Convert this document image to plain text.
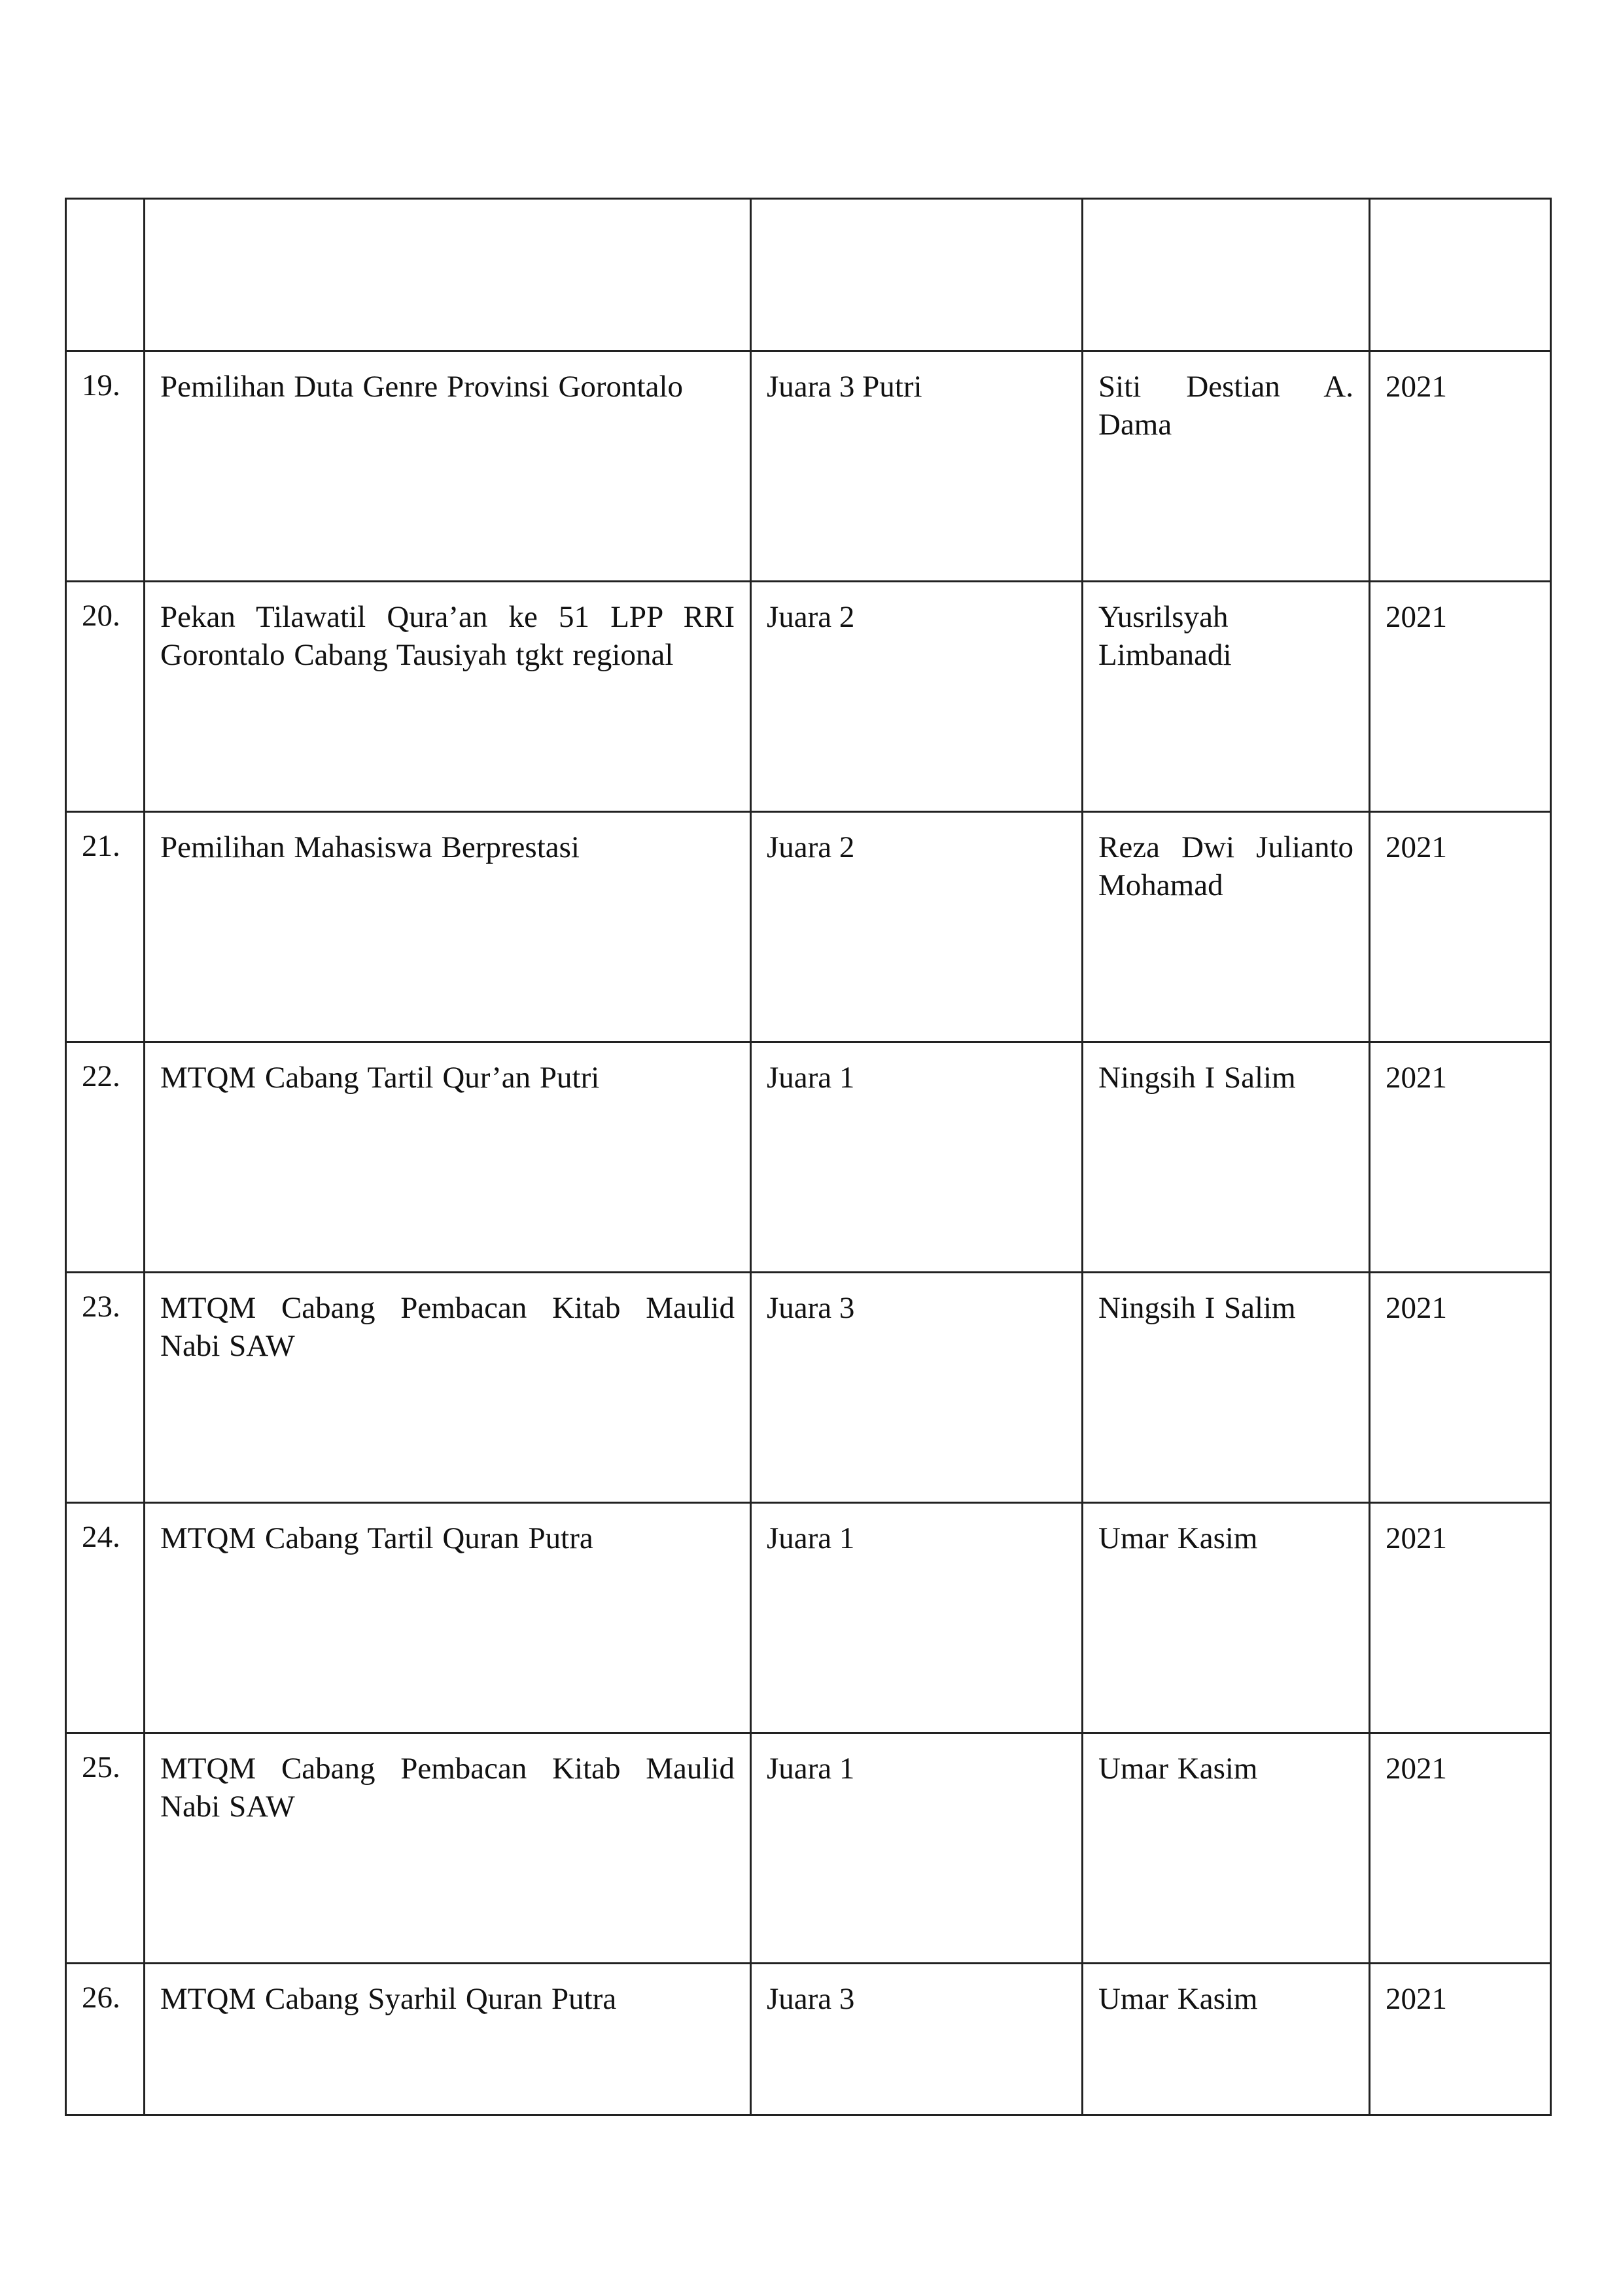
19.	Pemilihan Duta Genre Provinsi Gorontalo	Juara 3 Putri	Siti Destian A. Dama	2021
20.	Pekan Tilawatil Qura’an ke 51 LPP RRI Gorontalo Cabang Tausiyah tgkt regional	Juara 2	Yusrilsyah Limbanadi	2021
21.	Pemilihan Mahasiswa Berprestasi	Juara 2	Reza Dwi Julianto Mohamad	2021
22.	MTQM Cabang Tartil Qur’an Putri	Juara 1	Ningsih I Salim	2021
23.	MTQM Cabang Pembacan Kitab Maulid Nabi SAW	Juara 3	Ningsih I Salim	2021
24.	MTQM Cabang Tartil Quran Putra	Juara 1	Umar Kasim	2021
25.	MTQM Cabang Pembacan Kitab Maulid Nabi SAW	Juara 1	Umar Kasim	2021
26.	MTQM Cabang Syarhil Quran Putra	Juara 3	Umar Kasim	2021
